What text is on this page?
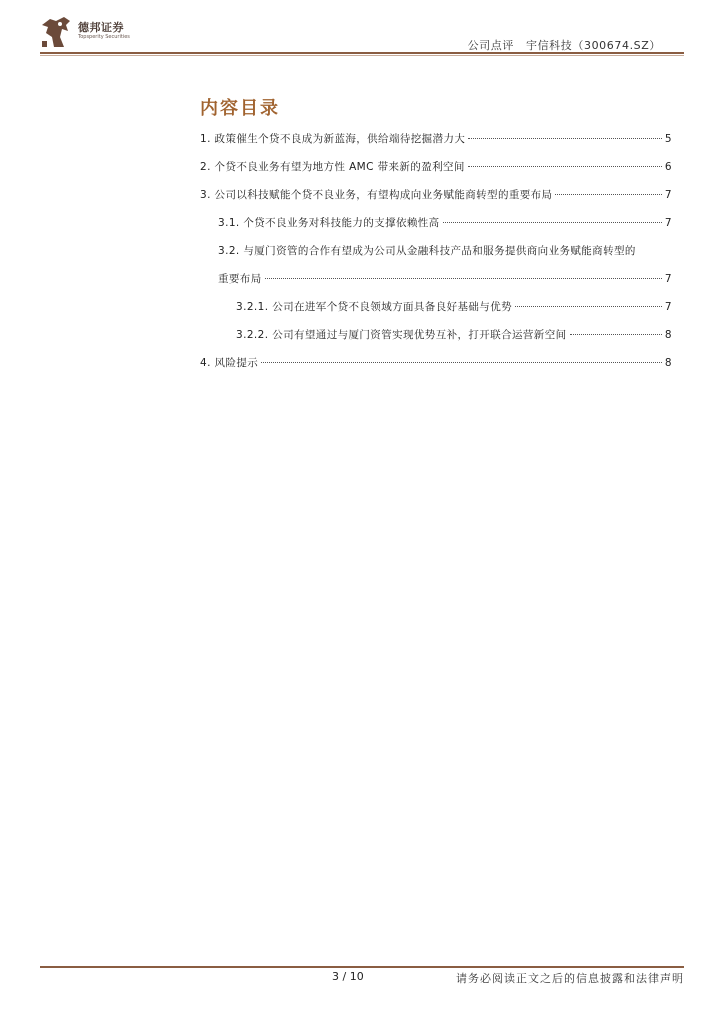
德邦证券
Topsperity Securities
公司点评 宇信科技（300674.SZ）
内容目录
1. 政策催生个贷不良成为新蓝海，供给端待挖掘潜力大	5
2. 个贷不良业务有望为地方性 AMC 带来新的盈利空间	6
3. 公司以科技赋能个贷不良业务，有望构成向业务赋能商转型的重要布局	7
3.1. 个贷不良业务对科技能力的支撑依赖性高	7
3.2. 与厦门资管的合作有望成为公司从金融科技产品和服务提供商向业务赋能商转型的
重要布局	7
3.2.1. 公司在进军个贷不良领域方面具备良好基础与优势	7
3.2.2. 公司有望通过与厦门资管实现优势互补，打开联合运营新空间	8
4. 风险提示	8
3 / 10	请务必阅读正文之后的信息披露和法律声明
